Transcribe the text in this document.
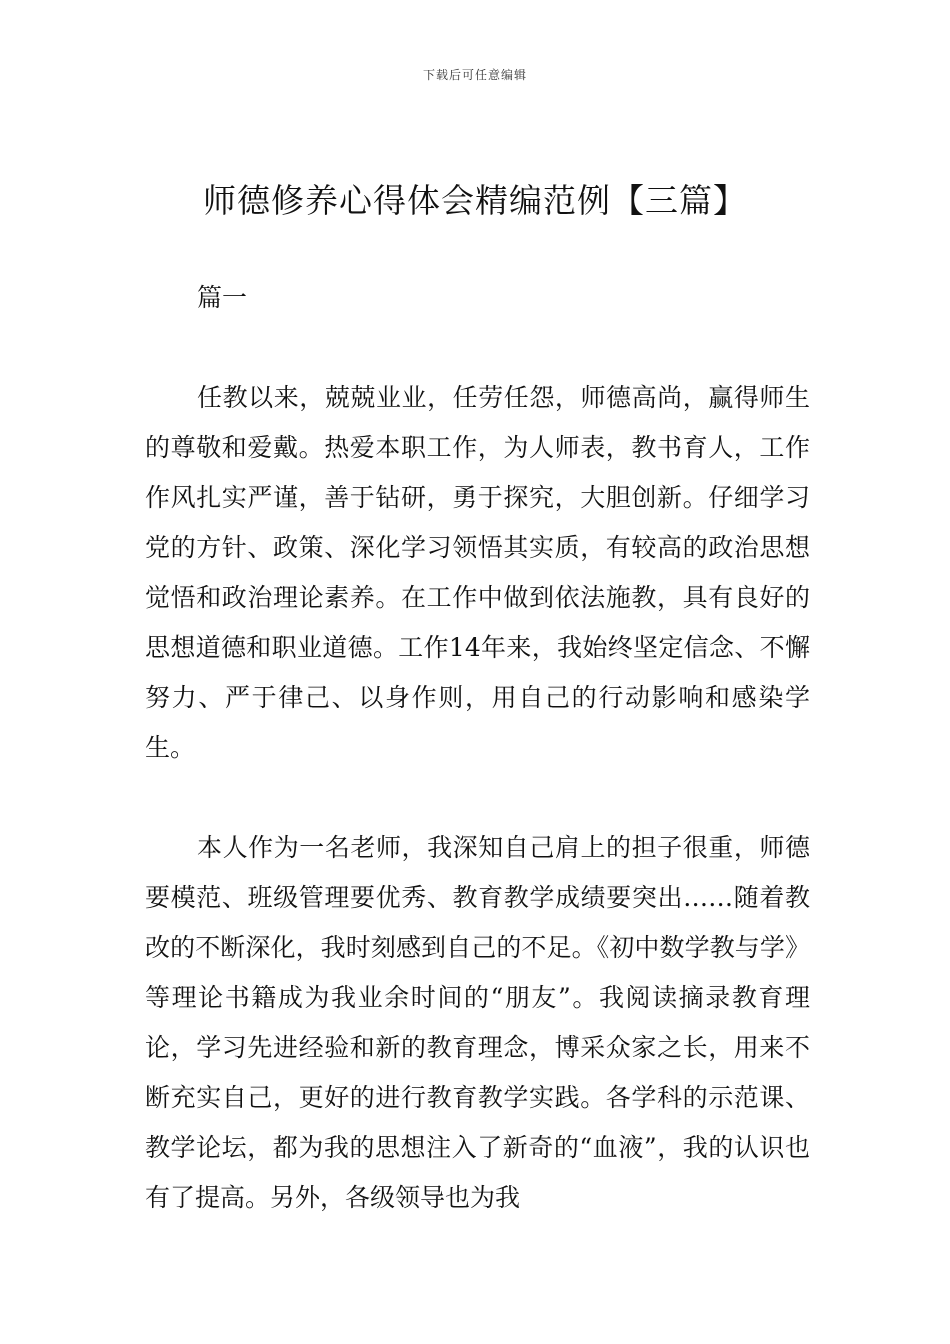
下载后可任意编辑
师德修养心得体会精编范例【三篇】
篇一

任教以来，兢兢业业，任劳任怨，师德高尚，赢得师生的尊敬和爱戴。热爱本职工作，为人师表，教书育人，工作作风扎实严谨，善于钻研，勇于探究，大胆创新。仔细学习党的方针、政策、深化学习领悟其实质，有较高的政治思想觉悟和政治理论素养。在工作中做到依法施教，具有良好的思想道德和职业道德。工作14年来，我始终坚定信念、不懈努力、严于律己、以身作则，用自己的行动影响和感染学生。

本人作为一名老师，我深知自己肩上的担子很重，师德要模范、班级管理要优秀、教育教学成绩要突出……随着教改的不断深化，我时刻感到自己的不足。《初中数学教与学》等理论书籍成为我业余时间的“朋友”。我阅读摘录教育理论，学习先进经验和新的教育理念，博采众家之长，用来不断充实自己，更好的进行教育教学实践。各学科的示范课、教学论坛，都为我的思想注入了新奇的“血液”，我的认识也有了提高。另外，各级领导也为我
